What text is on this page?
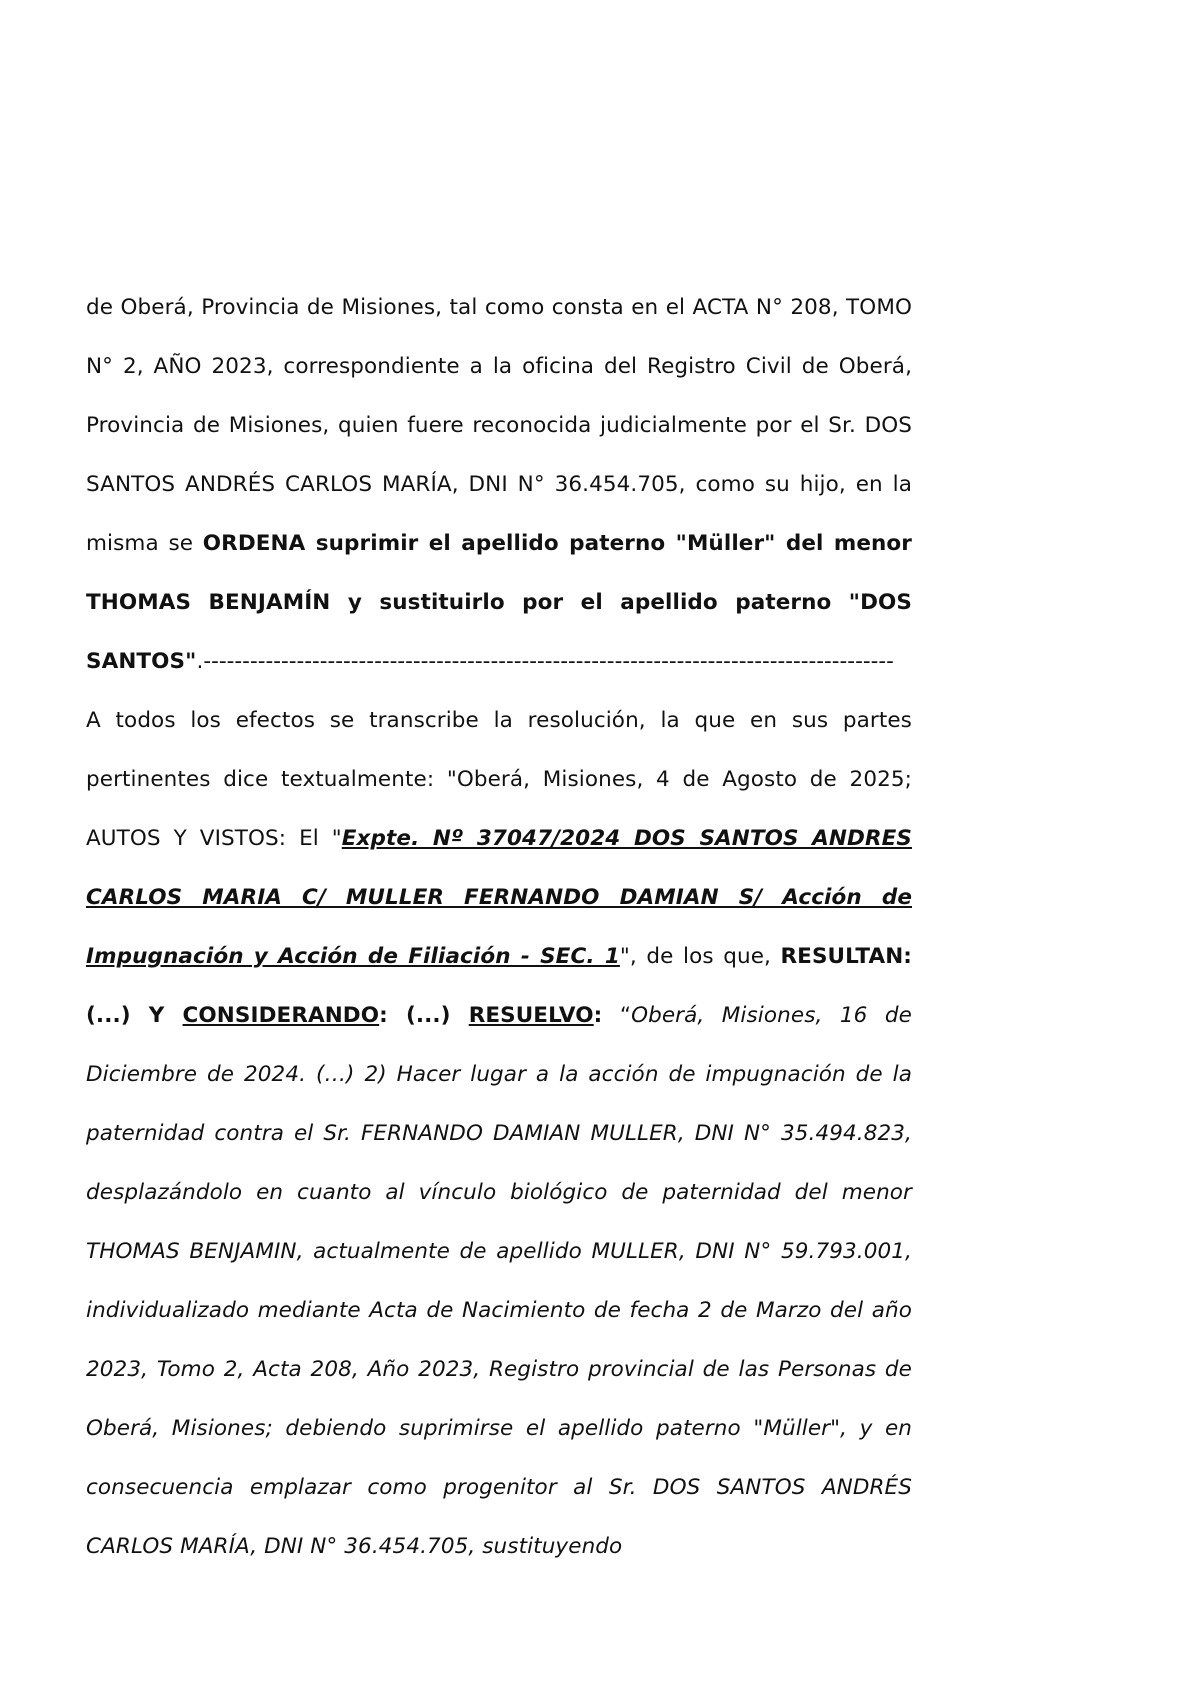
de Oberá, Provincia de Misiones, tal como consta en el ACTA N° 208, TOMO N° 2, AÑO 2023, correspondiente a la oficina del Registro Civil de Oberá, Provincia de Misiones, quien fuere reconocida judicialmente por el Sr. DOS SANTOS ANDRÉS CARLOS MARÍA, DNI N° 36.454.705, como su hijo, en la misma se ORDENA suprimir el apellido paterno "Müller" del menor THOMAS BENJAMÍN y sustituirlo por el apellido paterno "DOS SANTOS".-----------------------------------------------------------------------------------------

A todos los efectos se transcribe la resolución, la que en sus partes pertinentes dice textualmente: "Oberá, Misiones, 4 de Agosto de 2025; AUTOS Y VISTOS: El "Expte. Nº 37047/2024 DOS SANTOS ANDRES CARLOS MARIA C/ MULLER FERNANDO DAMIAN S/ Acción de Impugnación y Acción de Filiación - SEC. 1", de los que, RESULTAN: (...) Y CONSIDERANDO: (...) RESUELVO: “Oberá, Misiones, 16 de Diciembre de 2024. (…) 2) Hacer lugar a la acción de impugnación de la paternidad contra el Sr. FERNANDO DAMIAN MULLER, DNI N° 35.494.823, desplazándolo en cuanto al vínculo biológico de paternidad del menor THOMAS BENJAMIN, actualmente de apellido MULLER, DNI N° 59.793.001, individualizado mediante Acta de Nacimiento de fecha 2 de Marzo del año 2023, Tomo 2, Acta 208, Año 2023, Registro provincial de las Personas de Oberá, Misiones; debiendo suprimirse el apellido paterno "Müller", y en consecuencia emplazar como progenitor al Sr. DOS SANTOS ANDRÉS CARLOS MARÍA, DNI N° 36.454.705, sustituyendo
